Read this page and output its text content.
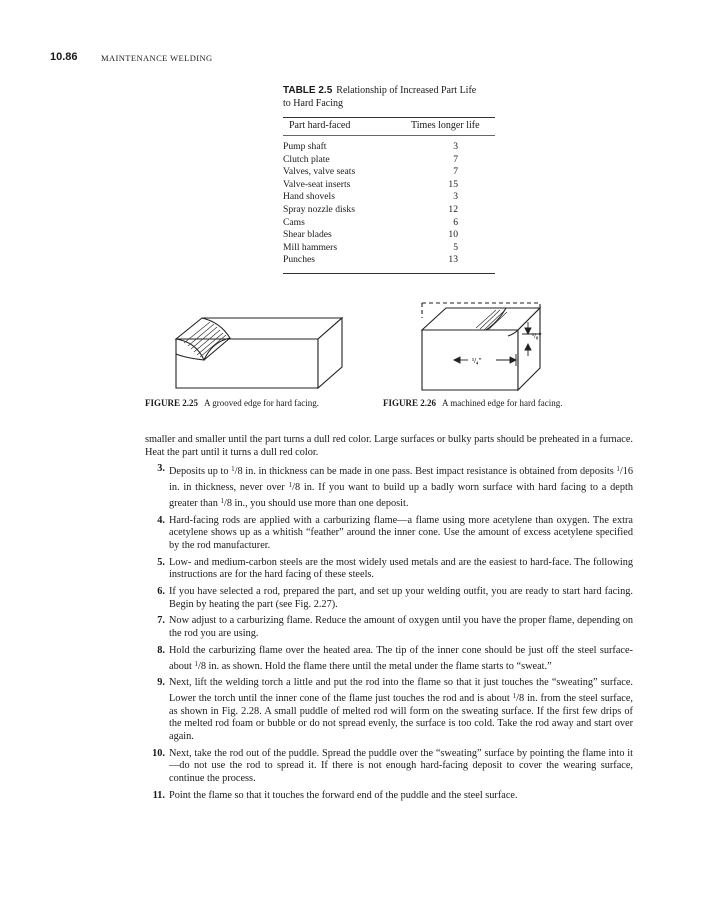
10.86	MAINTENANCE WELDING
TABLE 2.5 Relationship of Increased Part Life
to Hard Facing
Part hard-faced	Times longer life
Pump shaft	3
Clutch plate	7
Valves, valve seats	7
Valve-seat inserts	15
Hand shovels	3
Spray nozzle disks	12
Cams	6
Shear blades	10
Mill hammers	5
Punches	13
FIGURE 2.25 A grooved edge for hard facing.
¹/₈"
¹/₄"
FIGURE 2.26 A machined edge for hard facing.

smaller and smaller until the part turns a dull red color. Large surfaces or bulky parts should be preheated in a furnace. Heat the part until it turns a dull red color.

3. Deposits up to $^1$/8 in. in thickness can be made in one pass. Best impact resistance is obtained from deposits $^1$/16 in. in thickness, never over $^1$/8 in. If you want to build up a badly worn surface with hard facing to a depth greater than $^1$/8 in., you should use more than one deposit.

4. Hard-facing rods are applied with a carburizing flame—a flame using more acetylene than oxygen. The extra acetylene shows up as a whitish “feather” around the inner cone. Use the amount of excess acetylene specified by the rod manufacturer.

5. Low- and medium-carbon steels are the most widely used metals and are the easiest to hard-face. The following instructions are for the hard facing of these steels.

6. If you have selected a rod, prepared the part, and set up your welding outfit, you are ready to start hard facing. Begin by heating the part (see Fig. 2.27).

7. Now adjust to a carburizing flame. Reduce the amount of oxygen until you have the proper flame, depending on the rod you are using.

8. Hold the carburizing flame over the heated area. The tip of the inner cone should be just off the steel surface-about $^1$/8 in. as shown. Hold the flame there until the metal under the flame starts to “sweat.”

9. Next, lift the welding torch a little and put the rod into the flame so that it just touches the “sweating” surface. Lower the torch until the inner cone of the flame just touches the rod and is about $^1$/8 in. from the steel surface, as shown in Fig. 2.28. A small puddle of melted rod will form on the sweating surface. If the first few drips of the melted rod foam or bubble or do not spread evenly, the surface is too cold. Take the rod away and start over again.

10. Next, take the rod out of the puddle. Spread the puddle over the “sweating” surface by pointing the flame into it—do not use the rod to spread it. If there is not enough hard-facing deposit to cover the wearing surface, continue the process.

11. Point the flame so that it touches the forward end of the puddle and the steel surface.
